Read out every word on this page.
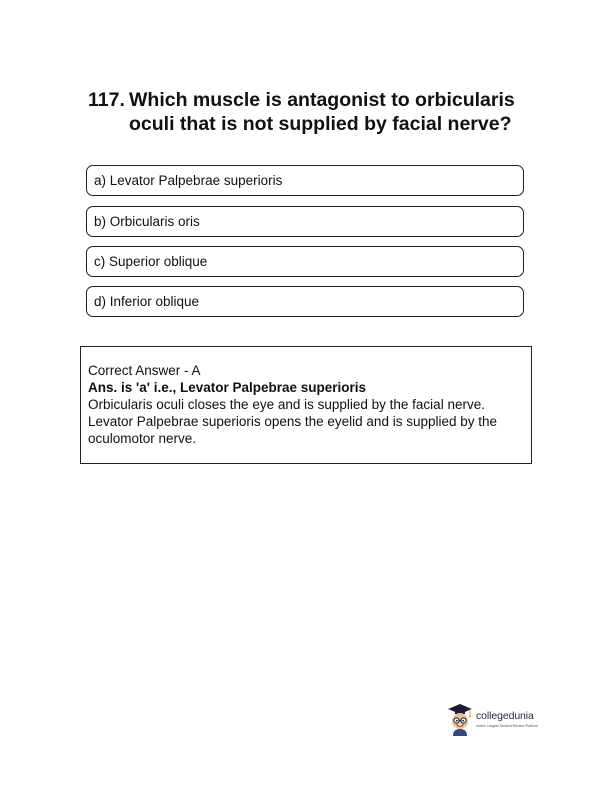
117. Which muscle is antagonist to orbicularis oculi that is not supplied by facial nerve?
a) Levator Palpebrae superioris
b) Orbicularis oris
c) Superior oblique
d) Inferior oblique
Correct Answer - A
Ans. is 'a' i.e., Levator Palpebrae superioris
Orbicularis oculi closes the eye and is supplied by the facial nerve. Levator Palpebrae superioris opens the eyelid and is supplied by the oculomotor nerve.
collegedunia
India's Largest Student Review Platform
